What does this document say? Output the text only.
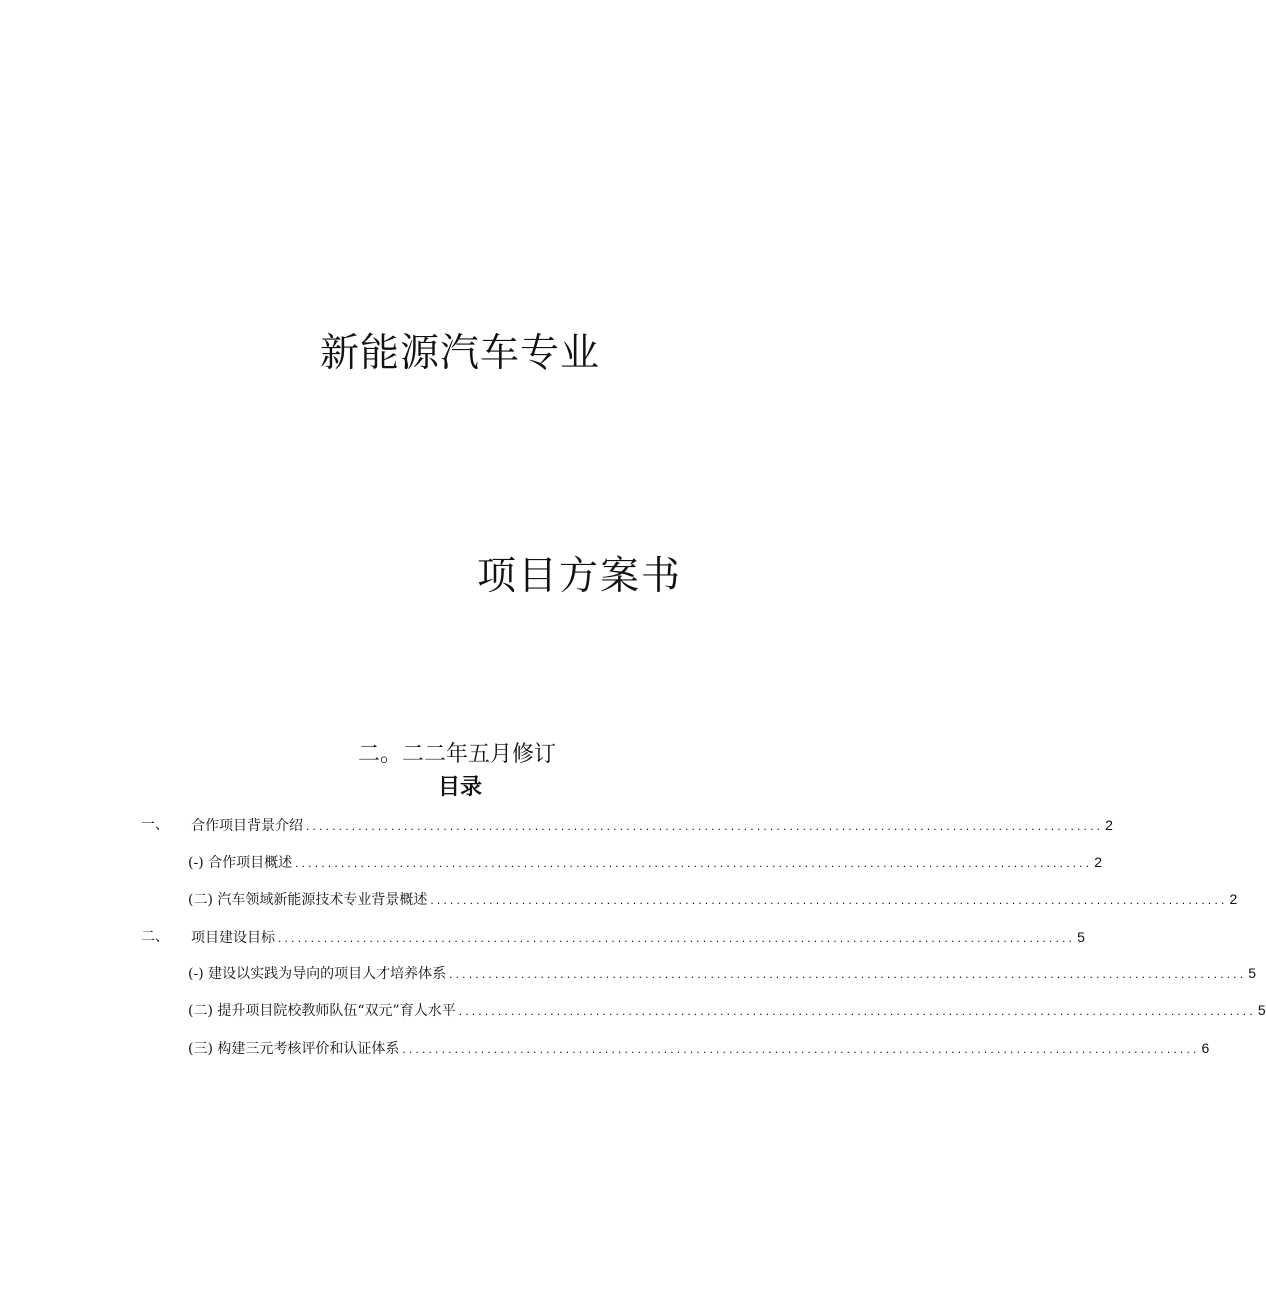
新能源汽车专业
项目方案书
二。二二年五月修订
目录
一、	合作项目背景介绍 .......................................................................................................................... 2
(-) 合作项目概述 .......................................................................................................................... 2
(二) 汽车领域新能源技术专业背景概述 .......................................................................................................................... 2
二、	项目建设目标 .......................................................................................................................... 5
(-) 建设以实践为导向的项目人才培养体系 .......................................................................................................................... 5
(二) 提升项目院校教师队伍“双元”育人水平 .......................................................................................................................... 5
(三) 构建三元考核评价和认证体系 .......................................................................................................................... 6
